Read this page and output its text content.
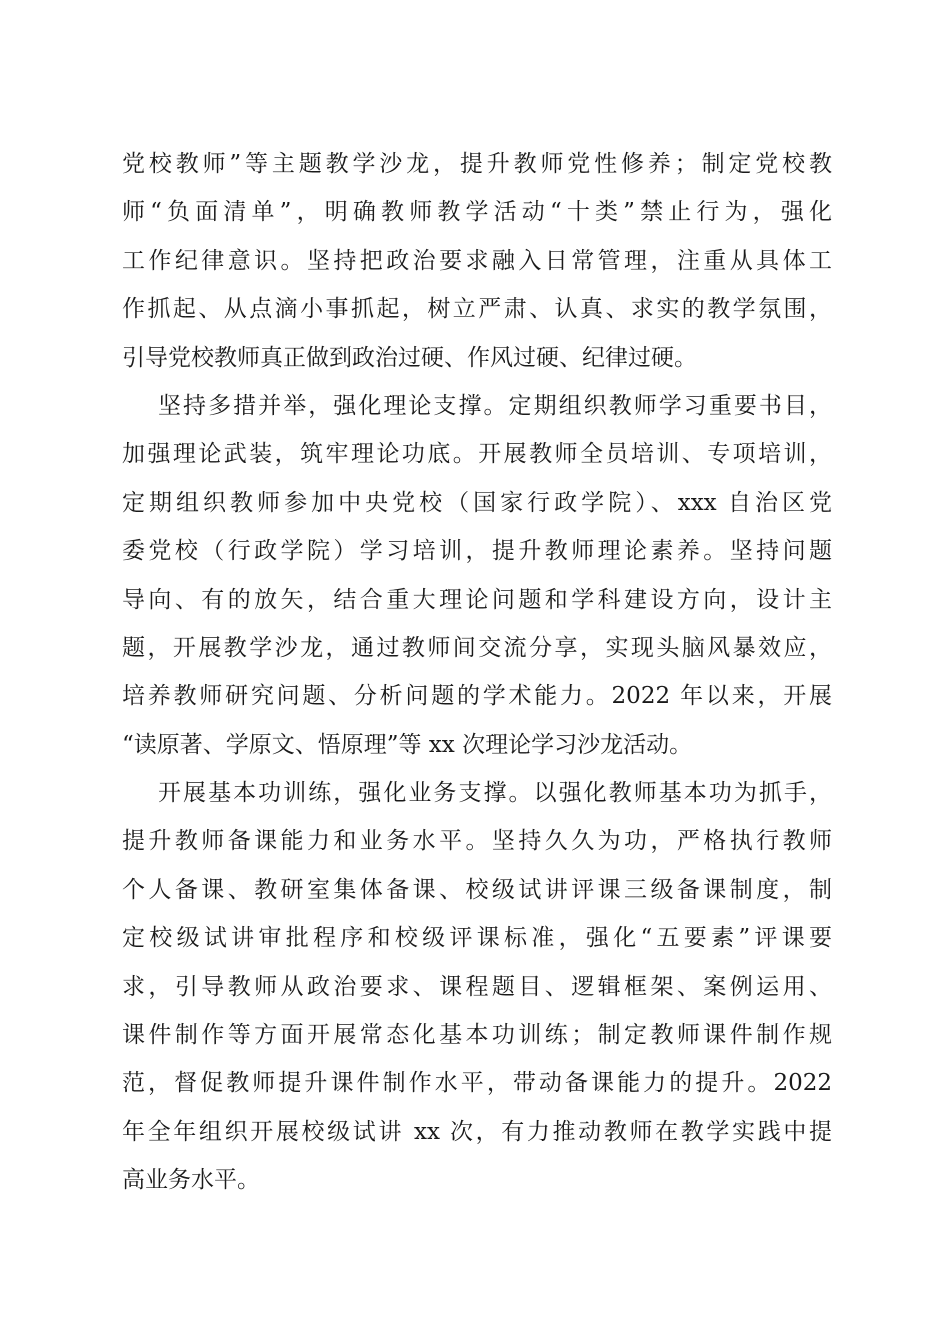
党校教师”等主题教学沙龙，提升教师党性修养；制定党校教
师“负面清单”，明确教师教学活动“十类”禁止行为，强化
工作纪律意识。坚持把政治要求融入日常管理，注重从具体工
作抓起、从点滴小事抓起，树立严肃、认真、求实的教学氛围，
引导党校教师真正做到政治过硬、作风过硬、纪律过硬。
坚持多措并举，强化理论支撑。定期组织教师学习重要书目，
加强理论武装，筑牢理论功底。开展教师全员培训、专项培训，
定期组织教师参加中央党校（国家行政学院）、xxx 自治区党
委党校（行政学院）学习培训，提升教师理论素养。坚持问题
导向、有的放矢，结合重大理论问题和学科建设方向，设计主
题，开展教学沙龙，通过教师间交流分享，实现头脑风暴效应，
培养教师研究问题、分析问题的学术能力。2022 年以来，开展
“读原著、学原文、悟原理”等 xx 次理论学习沙龙活动。
开展基本功训练，强化业务支撑。以强化教师基本功为抓手，
提升教师备课能力和业务水平。坚持久久为功，严格执行教师
个人备课、教研室集体备课、校级试讲评课三级备课制度，制
定校级试讲审批程序和校级评课标准，强化“五要素”评课要
求，引导教师从政治要求、课程题目、逻辑框架、案例运用、
课件制作等方面开展常态化基本功训练；制定教师课件制作规
范，督促教师提升课件制作水平，带动备课能力的提升。2022
年全年组织开展校级试讲 xx 次，有力推动教师在教学实践中提
高业务水平。
